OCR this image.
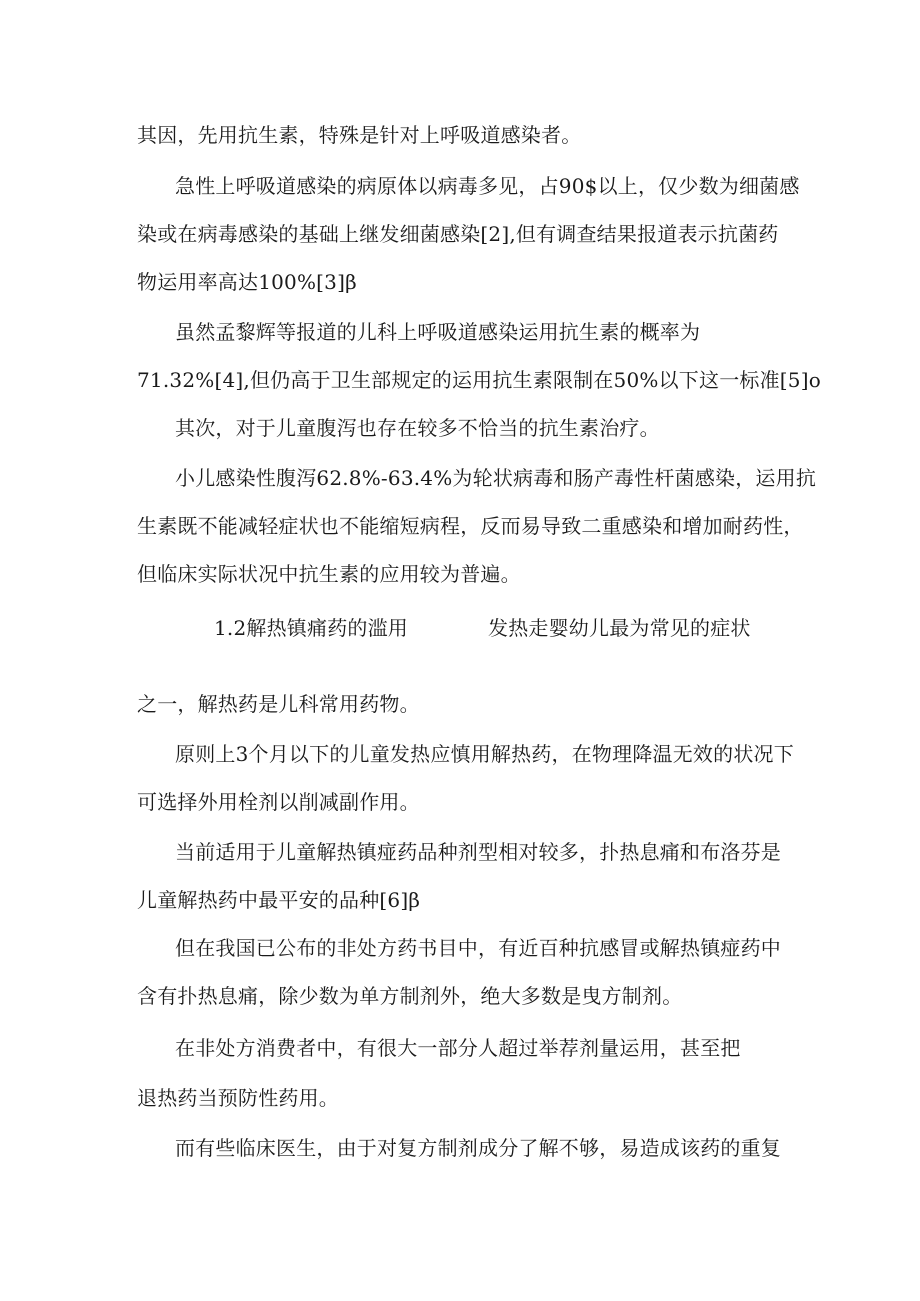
其因，先用抗生素，特殊是针对上呼吸道感染者。
急性上呼吸道感染的病原体以病毒多见，占90$以上，仅少数为细菌感
染或在病毒感染的基础上继发细菌感染[2],但有调查结果报道表示抗菌药
物运用率高达100%[3]β
虽然孟黎辉等报道的儿科上呼吸道感染运用抗生素的概率为
71.32%[4],但仍高于卫生部规定的运用抗生素限制在50%以下这一标准[5]o
其次，对于儿童腹泻也存在较多不恰当的抗生素治疗。
小儿感染性腹泻62.8%-63.4%为轮状病毒和肠产毒性杆菌感染，运用抗
生素既不能减轻症状也不能缩短病程，反而易导致二重感染和增加耐药性，
但临床实际状况中抗生素的应用较为普遍。
1.2解热镇痛药的滥用	发热走婴幼儿最为常见的症状
之一，解热药是儿科常用药物。
原则上3个月以下的儿童发热应慎用解热药，在物理降温无效的状况下
可选择外用栓剂以削减副作用。
当前适用于儿童解热镇痖药品种剂型相对较多，扑热息痛和布洛芬是
儿童解热药中最平安的品种[6]β
但在我国已公布的非处方药书目中，有近百种抗感冒或解热镇痖药中
含有扑热息痛，除少数为单方制剂外，绝大多数是曳方制剂。
在非处方消费者中，有很大一部分人超过举荐剂量运用，甚至把
退热药当预防性药用。
而有些临床医生，由于对复方制剂成分了解不够，易造成该药的重复
